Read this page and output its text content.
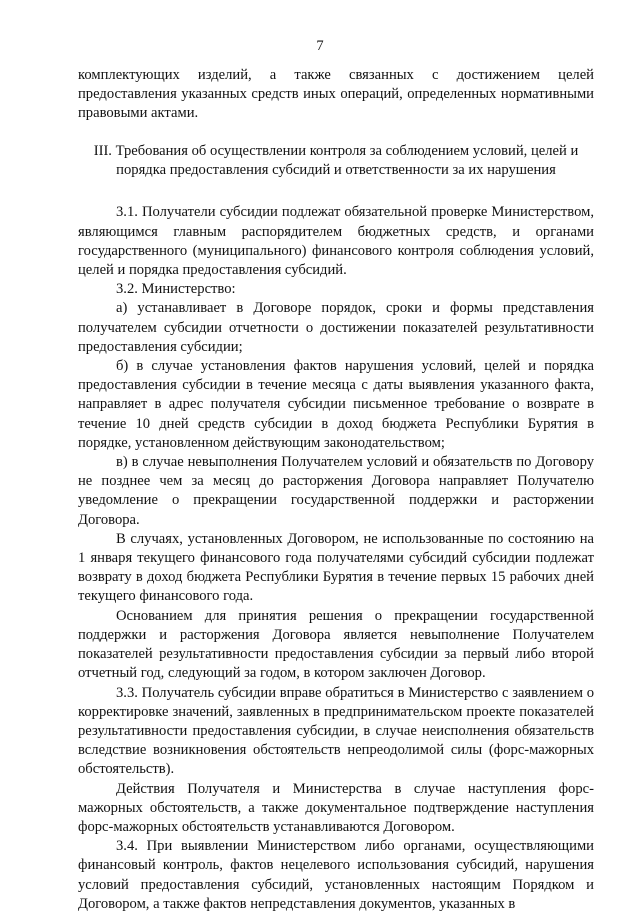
7

комплектующих изделий, а также связанных с достижением целей предоставления указанных средств иных операций, определенных нормативными правовыми актами.

III. Требования об осуществлении контроля за соблюдением условий, целей и порядка предоставления субсидий и ответственности за их нарушения

3.1. Получатели субсидии подлежат обязательной проверке Министерством, являющимся главным распорядителем бюджетных средств, и органами государственного (муниципального) финансового контроля соблюдения условий, целей и порядка предоставления субсидий.

3.2. Министерство:

а) устанавливает в Договоре порядок, сроки и формы представления получателем субсидии отчетности о достижении показателей результативности предоставления субсидии;

б) в случае установления фактов нарушения условий, целей и порядка предоставления субсидии в течение месяца с даты выявления указанного факта, направляет в адрес получателя субсидии письменное требование о возврате в течение 10 дней средств субсидии в доход бюджета Республики Бурятия в порядке, установленном действующим законодательством;

в) в случае невыполнения Получателем условий и обязательств по Договору не позднее чем за месяц до расторжения Договора направляет Получателю уведомление о прекращении государственной поддержки и расторжении Договора.

В случаях, установленных Договором, не использованные по состоянию на 1 января текущего финансового года получателями субсидий субсидии подлежат возврату в доход бюджета Республики Бурятия в течение первых 15 рабочих дней текущего финансового года.

Основанием для принятия решения о прекращении государственной поддержки и расторжения Договора является невыполнение Получателем показателей результативности предоставления субсидии за первый либо второй отчетный год, следующий за годом, в котором заключен Договор.

3.3. Получатель субсидии вправе обратиться в Министерство с заявлением о корректировке значений, заявленных в предпринимательском проекте показателей результативности предоставления субсидии, в случае неисполнения обязательств вследствие возникновения обстоятельств непреодолимой силы (форс-мажорных обстоятельств).

Действия Получателя и Министерства в случае наступления форс-мажорных обстоятельств, а также документальное подтверждение наступления форс-мажорных обстоятельств устанавливаются Договором.

3.4. При выявлении Министерством либо органами, осуществляющими финансовый контроль, фактов нецелевого использования субсидий, нарушения условий предоставления субсидий, установленных настоящим Порядком и Договором, а также фактов непредставления документов, указанных в
